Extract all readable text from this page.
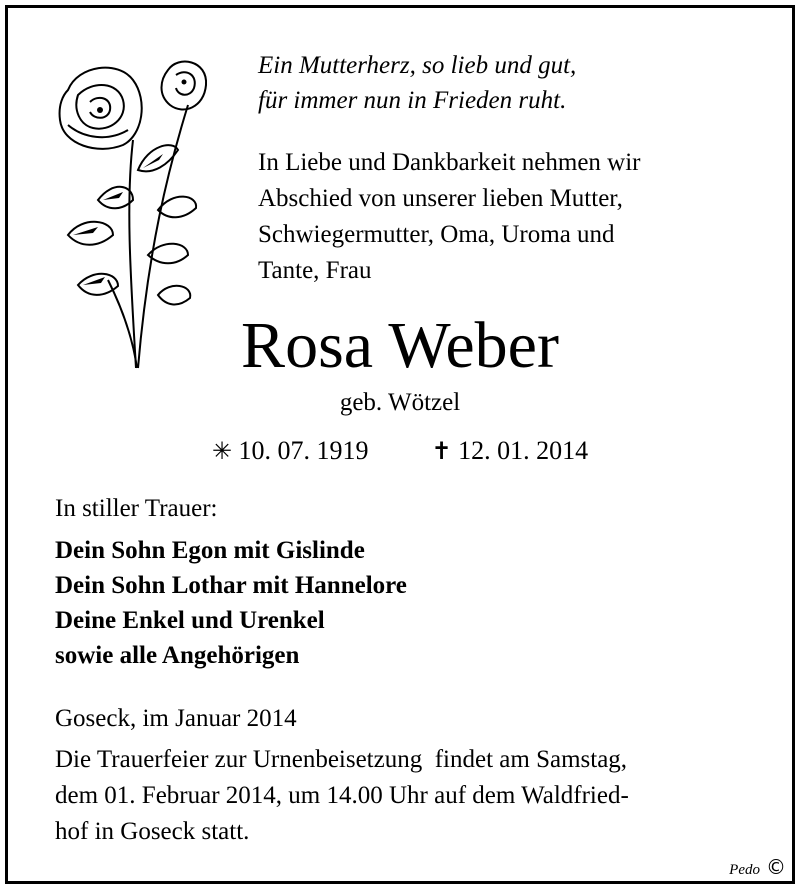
Ein Mutterherz, so lieb und gut,
für immer nun in Frieden ruht.
In Liebe und Dankbarkeit nehmen wir
Abschied von unserer lieben Mutter,
Schwiegermutter, Oma, Uroma und
Tante, Frau
Rosa Weber
geb. Wötzel
✳ 10. 07. 1919	✝ 12. 01. 2014
In stiller Trauer:
Dein Sohn Egon mit Gislinde
Dein Sohn Lothar mit Hannelore
Deine Enkel und Urenkel
sowie alle Angehörigen
Goseck, im Januar 2014
Die Trauerfeier zur Urnenbeisetzung  findet am Samstag,
dem 01. Februar 2014, um 14.00 Uhr auf dem Waldfried-
hof in Goseck statt.
Pedo ©
